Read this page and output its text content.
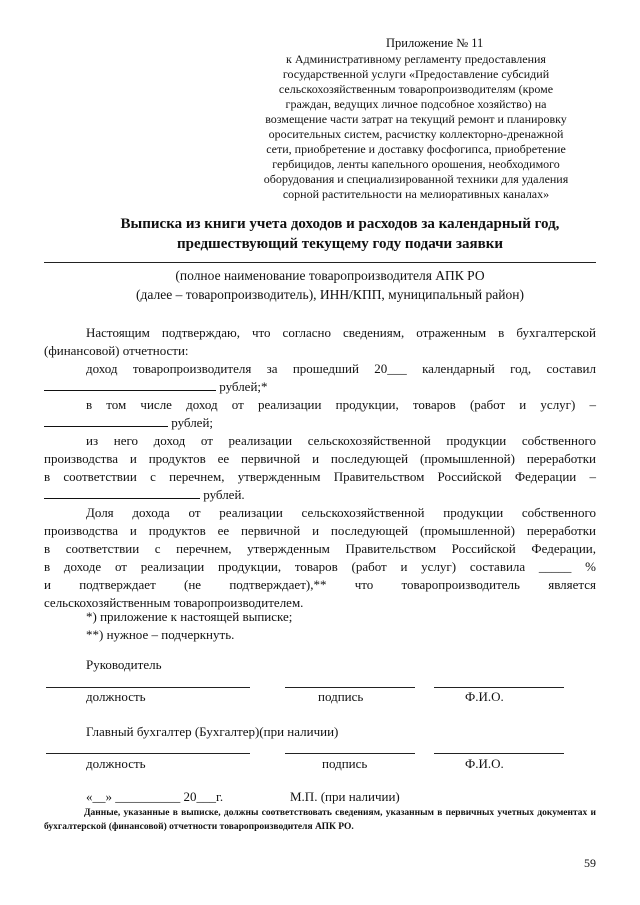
Приложение № 11
к Административному регламенту предоставления
государственной услуги «Предоставление субсидий
сельскохозяйственным товаропроизводителям (кроме
граждан, ведущих личное подсобное хозяйство) на
возмещение части затрат на текущий ремонт и планировку
оросительных систем, расчистку коллекторно-дренажной
сети, приобретение и доставку фосфогипса, приобретение
гербицидов, ленты капельного орошения, необходимого
оборудования и специализированной техники для удаления
сорной растительности на мелиоративных каналах»
Выписка из книги учета доходов и расходов за календарный год,
предшествующий текущему году подачи заявки
(полное наименование товаропроизводителя АПК РО
(далее – товаропроизводитель), ИНН/КПП, муниципальный район)

Настоящим подтверждаю, что согласно сведениям, отраженным в бухгалтерской

(финансовой) отчетности:

доход товаропроизводителя за прошедший 20___ календарный год, составил

рублей;*

в том числе доход от реализации продукции, товаров (работ и услуг) –

рублей;

из него доход от реализации сельскохозяйственной продукции собственного

производства и продуктов ее первичной и последующей (промышленной) переработки

в соответствии с перечнем, утвержденным Правительством Российской Федерации –

рублей.

Доля дохода от реализации сельскохозяйственной продукции собственного

производства и продуктов ее первичной и последующей (промышленной) переработки

в соответствии с перечнем, утвержденным Правительством Российской Федерации,

в доходе от реализации продукции, товаров (работ и услуг) составила _____ %

и подтверждает (не подтверждает),** что товаропроизводитель является

сельскохозяйственным товаропроизводителем.

*) приложение к настоящей выписке;
**) нужное – подчеркнуть.
Руководитель
должность	подпись	Ф.И.О.
Главный бухгалтер (Бухгалтер)(при наличии)
должность	подпись	Ф.И.О.
«__» __________ 20___г.	М.П. (при наличии)
Данные, указанные в выписке, должны соответствовать сведениям, указанным в первичных учетных документах и бухгалтерской (финансовой) отчетности товаропроизводителя АПК РО.
59
